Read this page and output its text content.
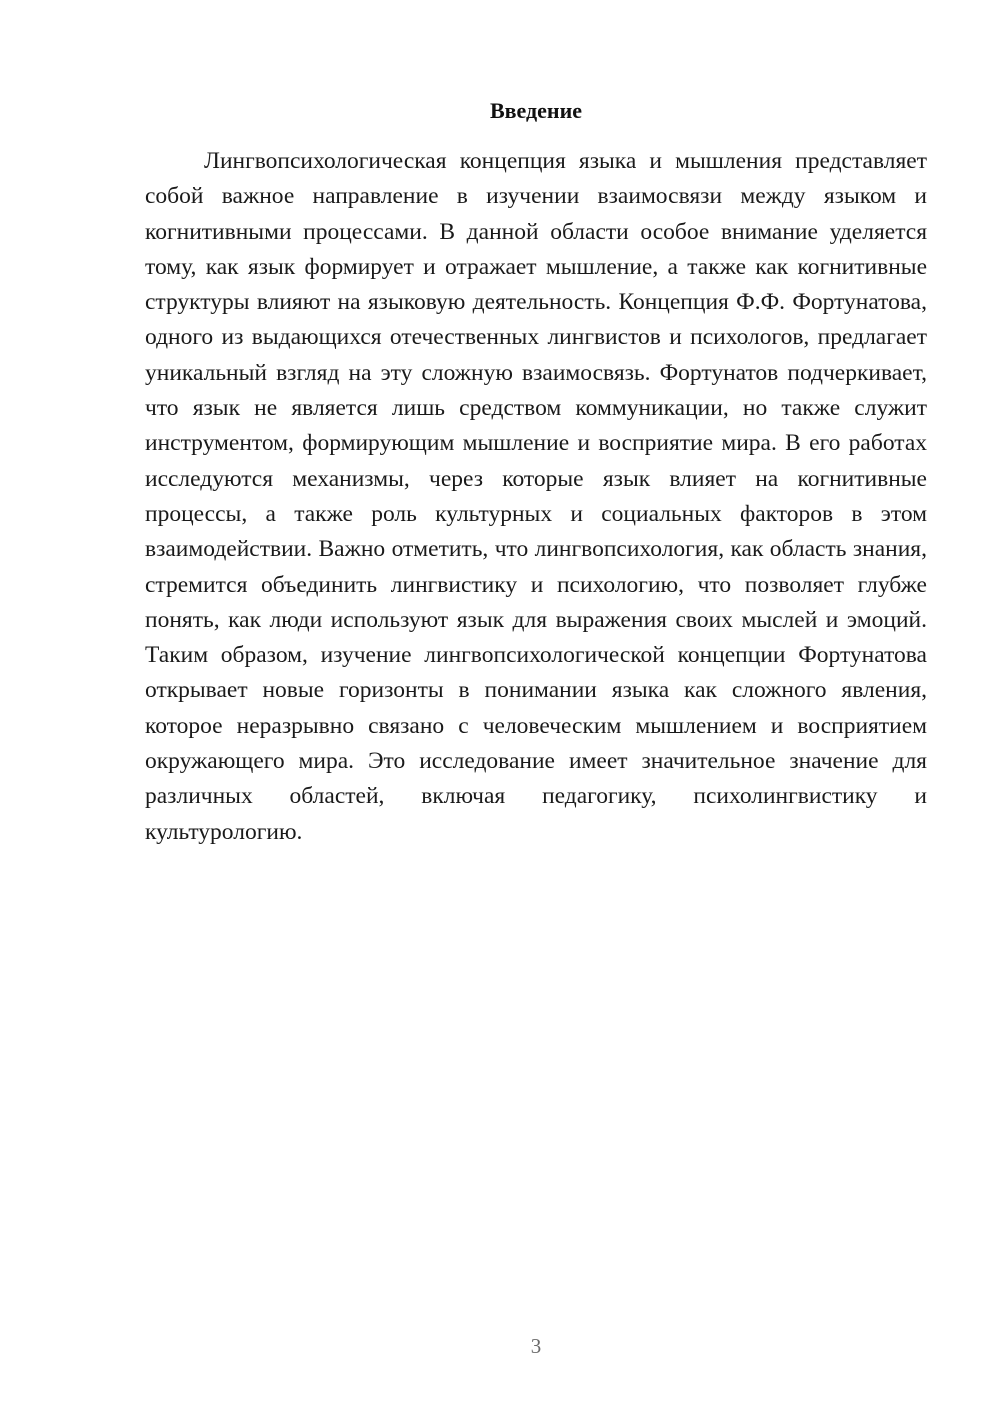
Введение

Лингвопсихологическая концепция языка и мышления представляет собой важное направление в изучении взаимосвязи между языком и когнитивными процессами. В данной области особое внимание уделяется тому, как язык формирует и отражает мышление, а также как когнитивные структуры влияют на языковую деятельность. Концепция Ф.Ф. Фортунатова, одного из выдающихся отечественных лингвистов и психологов, предлагает уникальный взгляд на эту сложную взаимосвязь. Фортунатов подчеркивает, что язык не является лишь средством коммуникации, но также служит инструментом, формирующим мышление и восприятие мира. В его работах исследуются механизмы, через которые язык влияет на когнитивные процессы, а также роль культурных и социальных факторов в этом взаимодействии. Важно отметить, что лингвопсихология, как область знания, стремится объединить лингвистику и психологию, что позволяет глубже понять, как люди используют язык для выражения своих мыслей и эмоций. Таким образом, изучение лингвопсихологической концепции Фортунатова открывает новые горизонты в понимании языка как сложного явления, которое неразрывно связано с человеческим мышлением и восприятием окружающего мира. Это исследование имеет значительное значение для различных областей, включая педагогику, психолингвистику и культурологию.

3
